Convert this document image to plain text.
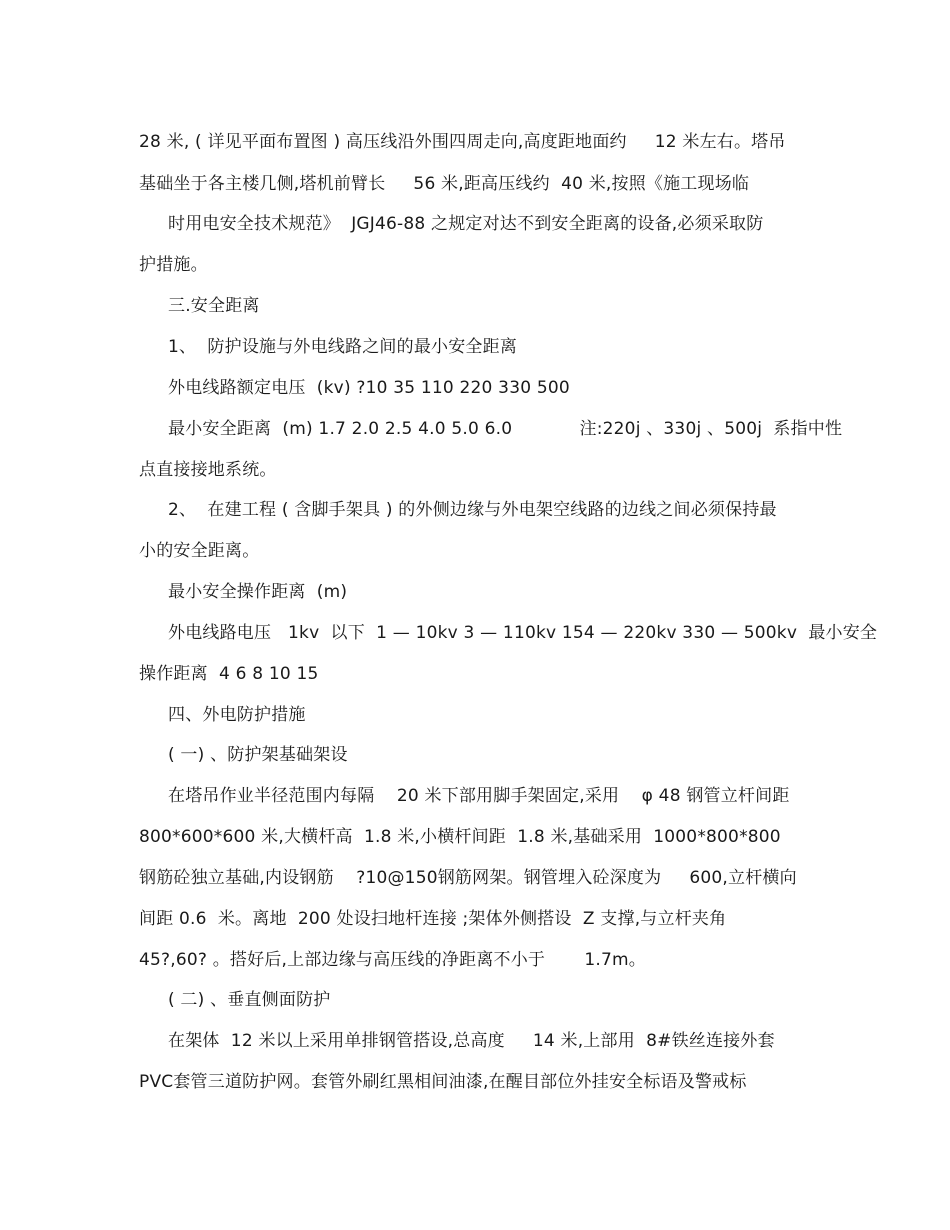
28 米, ( 详见平面布置图 ) 高压线沿外围四周走向,高度距地面约     12 米左右。塔吊
基础坐于各主楼几侧,塔机前臂长     56 米,距高压线约  40 米,按照《施工现场临
时用电安全技术规范》  JGJ46-88 之规定对达不到安全距离的设备,必须采取防
护措施。
三.安全距离
1、  防护设施与外电线路之间的最小安全距离
外电线路额定电压  (kv) ?10 35 110 220 330 500
最小安全距离  (m) 1.7 2.0 2.5 4.0 5.0 6.0            注:220j 、330j 、500j  系指中性
点直接接地系统。
2、  在建工程 ( 含脚手架具 ) 的外侧边缘与外电架空线路的边线之间必须保持最
小的安全距离。
最小安全操作距离  (m)
外电线路电压   1kv  以下  1 — 10kv 3 — 110kv 154 — 220kv 330 — 500kv  最小安全
操作距离  4 6 8 10 15
四、外电防护措施
( 一) 、防护架基础架设
在塔吊作业半径范围内每隔    20 米下部用脚手架固定,采用    φ 48 钢管立杆间距
800*600*600 米,大横杆高  1.8 米,小横杆间距  1.8 米,基础采用  1000*800*800
钢筋砼独立基础,内设钢筋    ?10@150钢筋网架。钢管埋入砼深度为     600,立杆横向
间距 0.6  米。离地  200 处设扫地杆连接 ;架体外侧搭设  Z 支撑,与立杆夹角
45?,60? 。搭好后,上部边缘与高压线的净距离不小于       1.7m。
( 二) 、垂直侧面防护
在架体  12 米以上采用单排钢管搭设,总高度     14 米,上部用  8#铁丝连接外套
PVC套管三道防护网。套管外刷红黑相间油漆,在醒目部位外挂安全标语及警戒标
